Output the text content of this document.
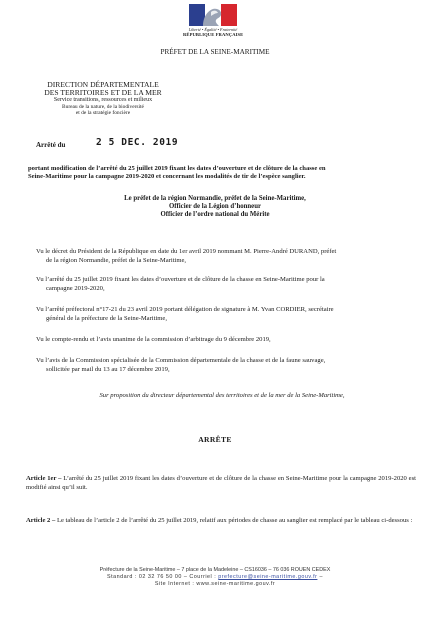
Liberté • Égalité • Fraternité
RÉPUBLIQUE FRANÇAISE
PRÉFET DE LA SEINE-MARITIME
DIRECTION DÉPARTEMENTALE
DES TERRITOIRES ET DE LA MER
Service transitions, ressources et milieux
Bureau de la nature, de la biodiversité
et de la stratégie foncière
Arrêté du	2 5 DEC. 2019
portant modification de l’arrêté du 25 juillet 2019 fixant les dates d’ouverture et de clôture de la chasse en
Seine-Maritime pour la campagne 2019-2020 et concernant les modalités de tir de l’espèce sanglier.
Le préfet de la région Normandie, préfet de la Seine-Maritime,
Officier de la Légion d’honneur
Officier de l’ordre national du Mérite
Vu le décret du Président de la République en date du 1er avril 2019 nommant M. Pierre-André DURAND, préfet
de la région Normandie, préfet de la Seine-Maritime,
Vu l’arrêté du 25 juillet 2019 fixant les dates d’ouverture et de clôture de la chasse en Seine-Maritime pour la
campagne 2019-2020,
Vu l’arrêté préfectoral n°17-21 du 23 avril 2019 portant délégation de signature à M. Yvan CORDIER, secrétaire
général de la préfecture de la Seine-Maritime,
Vu le compte-rendu et l’avis unanime de la commission d’arbitrage du 9 décembre 2019,
Vu l’avis de la Commission spécialisée de la Commission départementale de la chasse et de la faune sauvage,
sollicitée par mail du 13 au 17 décembre 2019,
Sur proposition du directeur départemental des territoires et de la mer de la Seine-Maritime,
ARRÊTE
Article 1er – L’arrêté du 25 juillet 2019 fixant les dates d’ouverture et de clôture de la chasse en Seine-Maritime pour la campagne 2019-2020 est modifié ainsi qu’il suit.
Article 2 – Le tableau de l’article 2 de l’arrêté du 25 juillet 2019, relatif aux périodes de chasse au sanglier est remplacé par le tableau ci-dessous :
Préfecture de la Seine-Maritime – 7 place de la Madeleine – CS16036 – 76 036 ROUEN CEDEX
Standard : 02 32 76 50 00 – Courriel : prefecture@seine-maritime.gouv.fr –
Site Internet : www.seine-maritime.gouv.fr
